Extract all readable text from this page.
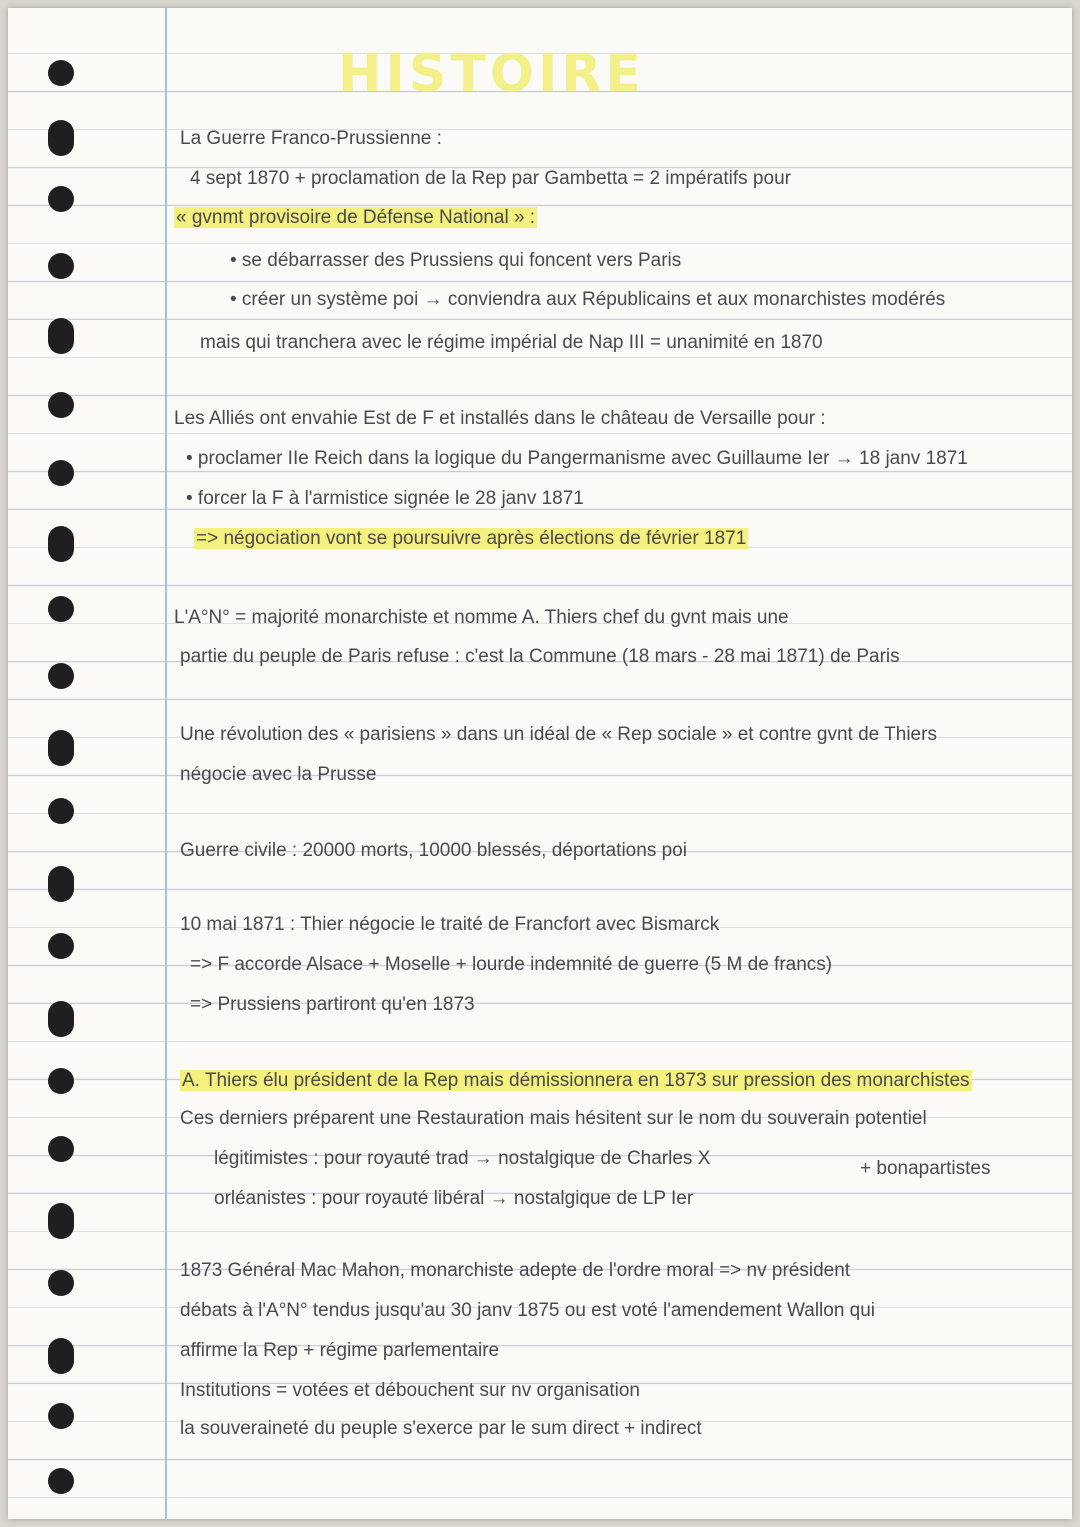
HISTOIRE
La Guerre Franco-Prussienne :
4 sept 1870 + proclamation de la Rep par Gambetta = 2 impératifs pour
« gvnmt provisoire de Défense National » :
• se débarrasser des Prussiens qui foncent vers Paris
• créer un système poi → conviendra aux Républicains et aux monarchistes modérés
mais qui tranchera avec le régime impérial de Nap III = unanimité en 1870
Les Alliés ont envahie Est de F et installés dans le château de Versaille pour :
• proclamer IIe Reich dans la logique du Pangermanisme avec Guillaume Ier → 18 janv 1871
• forcer la F à l'armistice signée le 28 janv 1871
=> négociation vont se poursuivre après élections de février 1871
L'A°N° = majorité monarchiste et nomme A. Thiers chef du gvnt mais une
partie du peuple de Paris refuse : c'est la Commune (18 mars - 28 mai 1871) de Paris
Une révolution des « parisiens » dans un idéal de « Rep sociale » et contre gvnt de Thiers
négocie avec la Prusse
Guerre civile : 20000 morts, 10000 blessés, déportations poi
10 mai 1871 : Thier négocie le traité de Francfort avec Bismarck
=> F accorde Alsace + Moselle + lourde indemnité de guerre (5 M de francs)
=> Prussiens partiront qu'en 1873
A. Thiers élu président de la Rep mais démissionnera en 1873 sur pression des monarchistes
Ces derniers préparent une Restauration mais hésitent sur le nom du souverain potentiel
légitimistes : pour royauté trad → nostalgique de Charles X	+ bonapartistes
orléanistes : pour royauté libéral → nostalgique de LP Ier
1873 Général Mac Mahon, monarchiste adepte de l'ordre moral => nv président
débats à l'A°N° tendus jusqu'au 30 janv 1875 ou est voté l'amendement Wallon qui
affirme la Rep + régime parlementaire
Institutions = votées et débouchent sur nv organisation
la souveraineté du peuple s'exerce par le sum direct + indirect
